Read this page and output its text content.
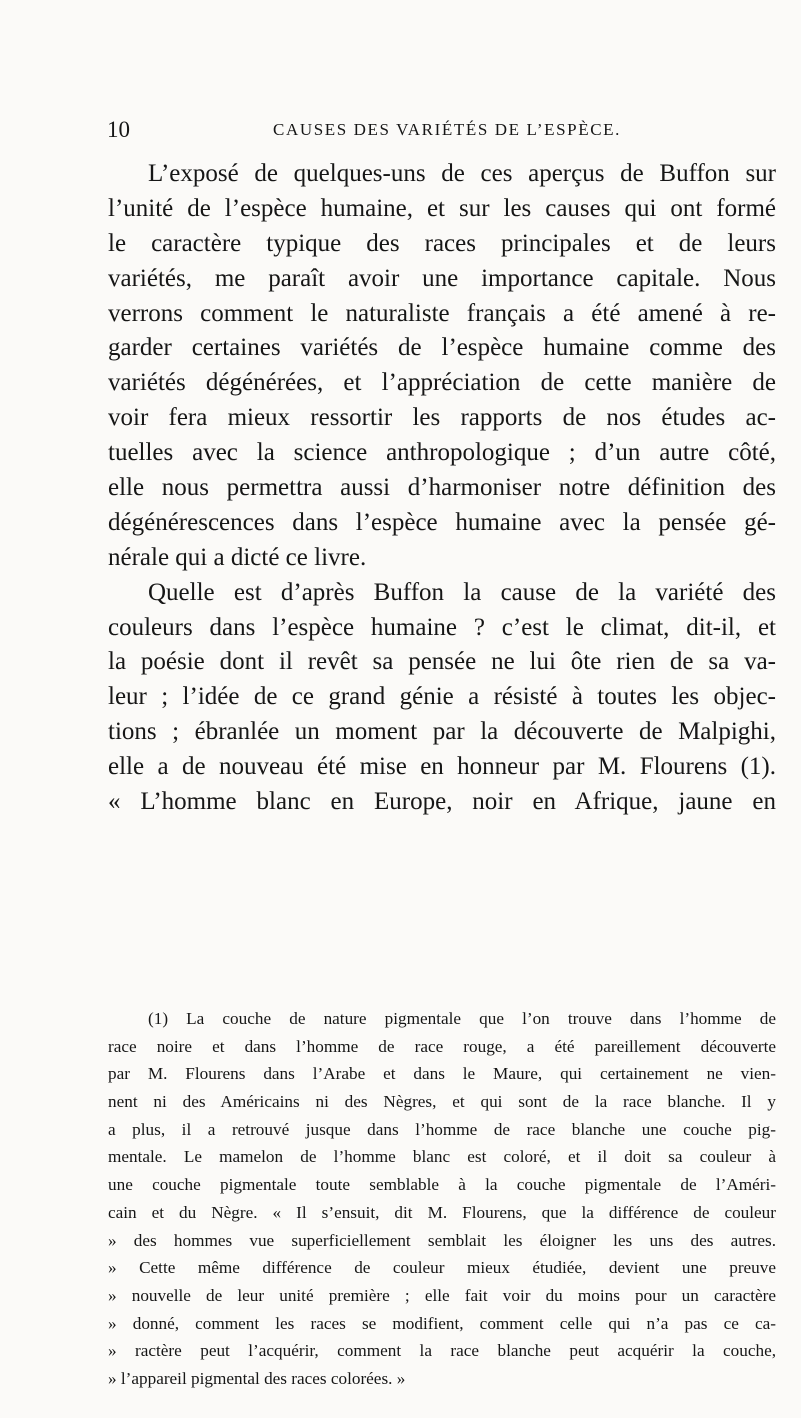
10	CAUSES DES VARIÉTÉS DE L’ESPÈCE.
L’exposé de quelques-uns de ces aperçus de Buffon sur
l’unité de l’espèce humaine, et sur les causes qui ont formé
le caractère typique des races principales et de leurs
variétés, me paraît avoir une importance capitale. Nous
verrons comment le naturaliste français a été amené à re-
garder certaines variétés de l’espèce humaine comme des
variétés dégénérées, et l’appréciation de cette manière de
voir fera mieux ressortir les rapports de nos études ac-
tuelles avec la science anthropologique ; d’un autre côté,
elle nous permettra aussi d’harmoniser notre définition des
dégénérescences dans l’espèce humaine avec la pensée gé-
nérale qui a dicté ce livre.
Quelle est d’après Buffon la cause de la variété des
couleurs dans l’espèce humaine ? c’est le climat, dit-il, et
la poésie dont il revêt sa pensée ne lui ôte rien de sa va-
leur ; l’idée de ce grand génie a résisté à toutes les objec-
tions ; ébranlée un moment par la découverte de Malpighi,
elle a de nouveau été mise en honneur par M. Flourens (1).
« L’homme blanc en Europe, noir en Afrique, jaune en
(1) La couche de nature pigmentale que l’on trouve dans l’homme de
race noire et dans l’homme de race rouge, a été pareillement découverte
par M. Flourens dans l’Arabe et dans le Maure, qui certainement ne vien-
nent ni des Américains ni des Nègres, et qui sont de la race blanche. Il y
a plus, il a retrouvé jusque dans l’homme de race blanche une couche pig-
mentale. Le mamelon de l’homme blanc est coloré, et il doit sa couleur à
une couche pigmentale toute semblable à la couche pigmentale de l’Améri-
cain et du Nègre. « Il s’ensuit, dit M. Flourens, que la différence de couleur
» des hommes vue superficiellement semblait les éloigner les uns des autres.
» Cette même différence de couleur mieux étudiée, devient une preuve
» nouvelle de leur unité première ; elle fait voir du moins pour un caractère
» donné, comment les races se modifient, comment celle qui n’a pas ce ca-
» ractère peut l’acquérir, comment la race blanche peut acquérir la couche,
» l’appareil pigmental des races colorées. »
